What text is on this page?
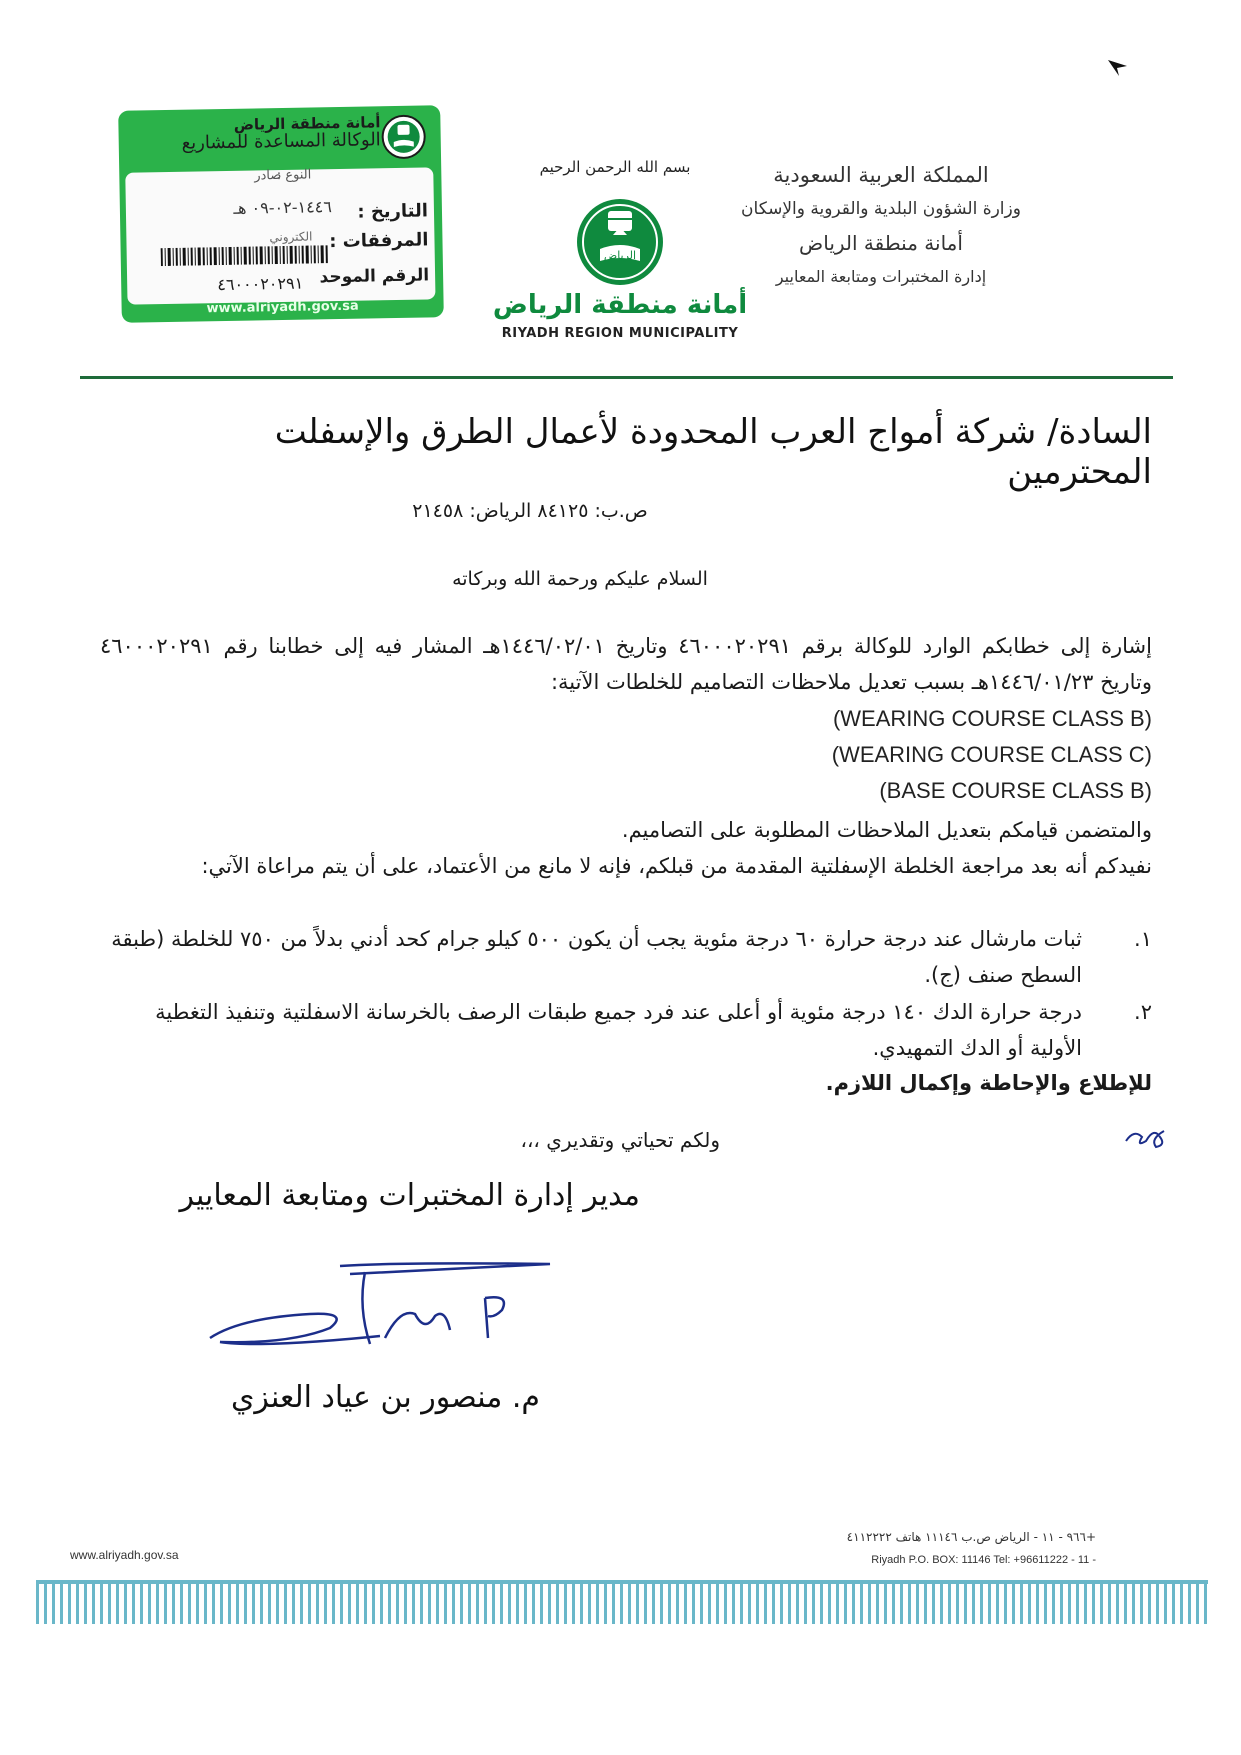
المملكة العربية السعودية
وزارة الشؤون البلدية والقروية والإسكان
أمانة منطقة الرياض
إدارة المختبرات ومتابعة المعايير
بسم الله الرحمن الرحيم
الرياض
أمانة منطقة الرياض
RIYADH REGION MUNICIPALITY
أمانة منطقة الرياض
الوكالة المساعدة للمشاريع
النوع :
صادر
التاريخ :
١٤٤٦-٠٢-٠٩ هـ
المرفقات :
الكتروني
الرقم الموحد
٤٦٠٠٠٢٠٢٩١
www.alriyadh.gov.sa
السادة/ شركة أمواج العرب المحدودة لأعمال الطرق والإسفلت المحترمين
ص.ب: ٨٤١٢٥ الرياض: ٢١٤٥٨
السلام عليكم ورحمة الله وبركاته
إشارة إلى خطابكم الوارد للوكالة برقم ٤٦٠٠٠٢٠٢٩١ وتاريخ ١٤٤٦/٠٢/٠١هـ المشار فيه إلى خطابنا رقم ٤٦٠٠٠٢٠٢٩١ وتاريخ ١٤٤٦/٠١/٢٣هـ بسبب تعديل ملاحظات التصاميم للخلطات الآتية:
(WEARING COURSE CLASS B)
(WEARING COURSE CLASS C)
(BASE COURSE CLASS B)
والمتضمن قيامكم بتعديل الملاحظات المطلوبة على التصاميم.
نفيدكم أنه بعد مراجعة الخلطة الإسفلتية المقدمة من قبلكم، فإنه لا مانع من الأعتماد، على أن يتم مراعاة الآتي:
١.
ثبات مارشال عند درجة حرارة ٦٠ درجة مئوية يجب أن يكون ٥٠٠ كيلو جرام كحد أدني بدلاً من ٧٥٠ للخلطة (طبقة السطح صنف (ج).
٢.
درجة حرارة الدك ١٤٠ درجة مئوية أو أعلى عند فرد جميع طبقات الرصف بالخرسانة الاسفلتية وتنفيذ التغطية الأولية أو الدك التمهيدي.
للإطلاع والإحاطة وإكمال اللازم.
ولكم تحياتي وتقديري ،،،
مدير إدارة المختبرات ومتابعة المعايير
م. منصور بن عياد العنزي
www.alriyadh.gov.sa
+٩٦٦ - ١١ - الرياض ص.ب ١١١٤٦ هاتف ٤١١٢٢٢٢
Riyadh P.O. BOX: 11146 Tel: +96611222 - 11 -
